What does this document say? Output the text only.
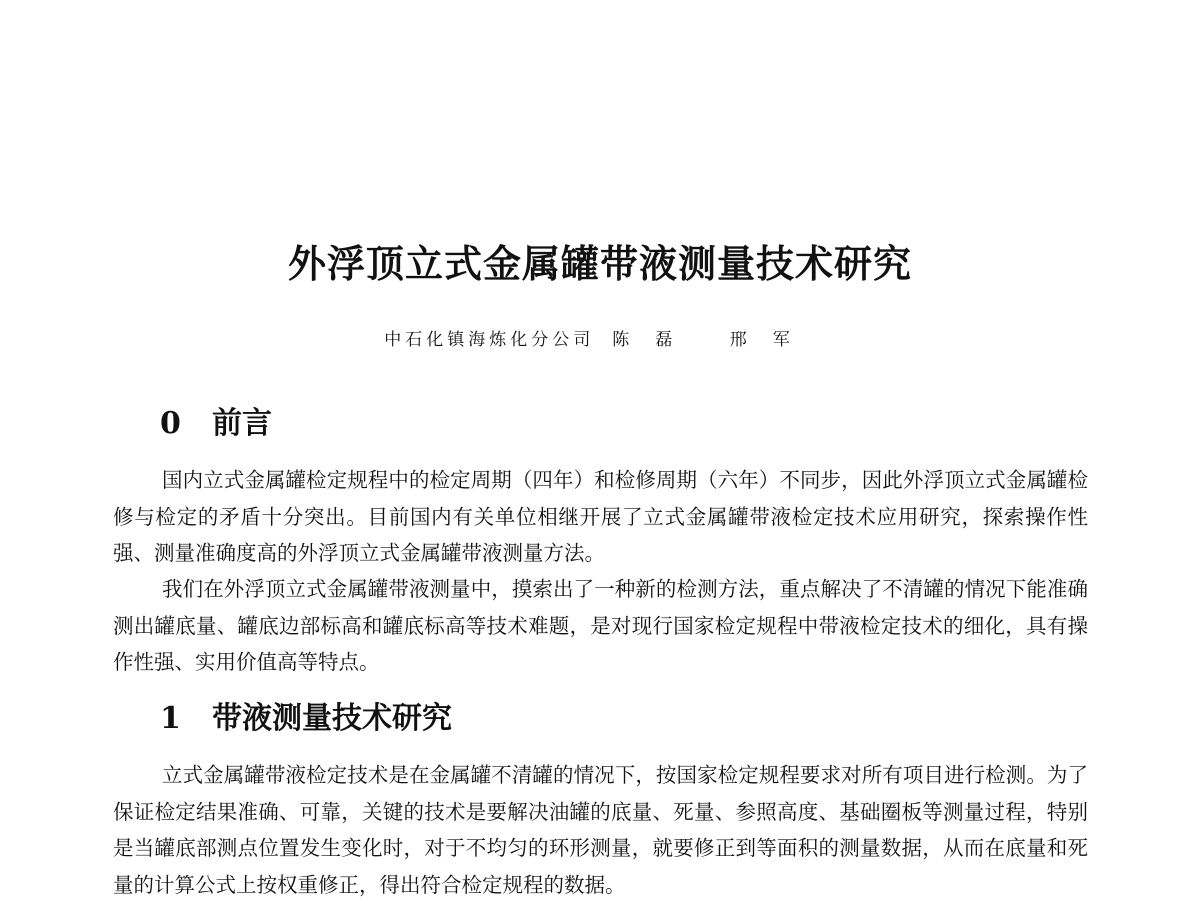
外浮顶立式金属罐带液测量技术研究
中石化镇海炼化分公司 陈磊 邢军
0 前言

国内立式金属罐检定规程中的检定周期（四年）和检修周期（六年）不同步，因此外浮顶立式金属罐检修与检定的矛盾十分突出。目前国内有关单位相继开展了立式金属罐带液检定技术应用研究，探索操作性强、测量准确度高的外浮顶立式金属罐带液测量方法。

我们在外浮顶立式金属罐带液测量中，摸索出了一种新的检测方法，重点解决了不清罐的情况下能准确测出罐底量、罐底边部标高和罐底标高等技术难题，是对现行国家检定规程中带液检定技术的细化，具有操作性强、实用价值高等特点。

1 带液测量技术研究

立式金属罐带液检定技术是在金属罐不清罐的情况下，按国家检定规程要求对所有项目进行检测。为了保证检定结果准确、可靠，关键的技术是要解决油罐的底量、死量、参照高度、基础圈板等测量过程，特别是当罐底部测点位置发生变化时，对于不均匀的环形测量，就要修正到等面积的测量数据，从而在底量和死量的计算公式上按权重修正，得出符合检定规程的数据。
